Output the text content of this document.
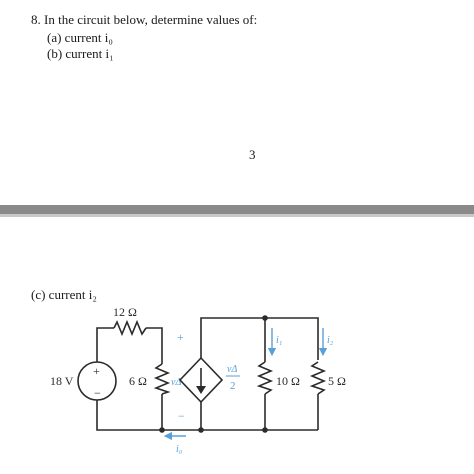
8. In the circuit below, determine values of:
(a) current i₀
(b) current i₁
3
(c) current i₂
12 Ω
6 Ω
+
vΔ
−
+
−
18 V
vΔ
2	10 Ω 5 Ω
i₁	i₂
i₀
